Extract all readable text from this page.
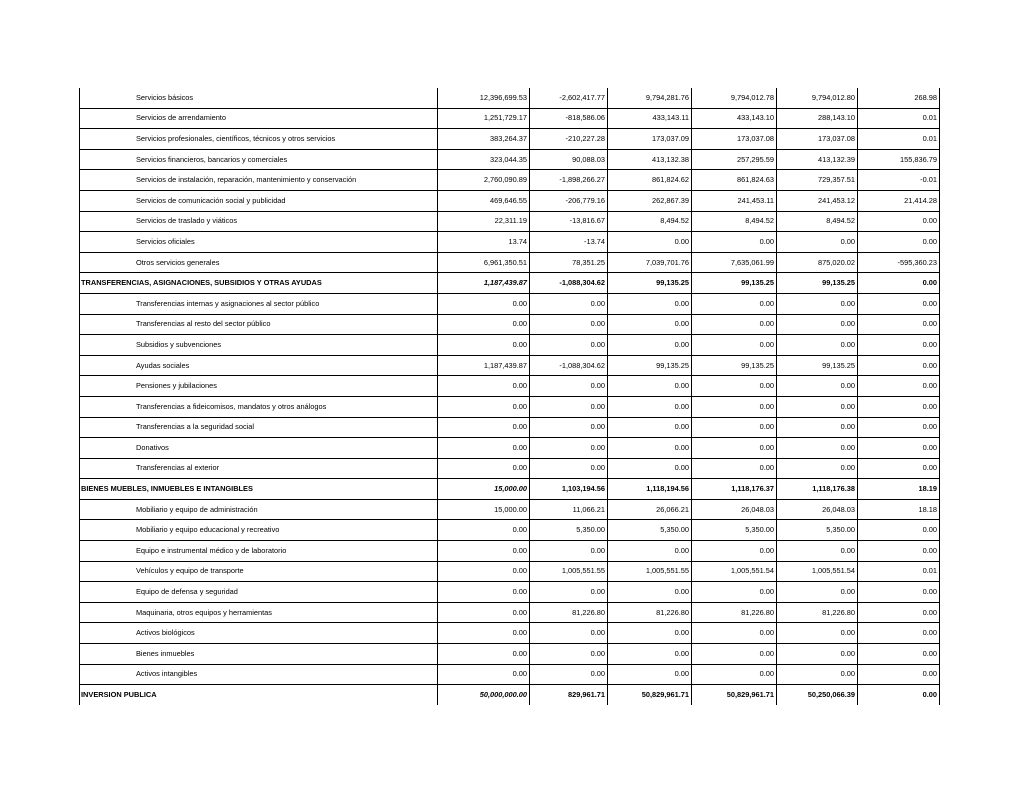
Servicios básicos	12,396,699.53	-2,602,417.77	9,794,281.76	9,794,012.78	9,794,012.80	268.98
Servicios de arrendamiento	1,251,729.17	-818,586.06	433,143.11	433,143.10	288,143.10	0.01
Servicios profesionales, científicos, técnicos y otros servicios	383,264.37	-210,227.28	173,037.09	173,037.08	173,037.08	0.01
Servicios financieros, bancarios y comerciales	323,044.35	90,088.03	413,132.38	257,295.59	413,132.39	155,836.79
Servicios de instalación, reparación, mantenimiento y conservación	2,760,090.89	-1,898,266.27	861,824.62	861,824.63	729,357.51	-0.01
Servicios de comunicación social y publicidad	469,646.55	-206,779.16	262,867.39	241,453.11	241,453.12	21,414.28
Servicios de traslado y viáticos	22,311.19	-13,816.67	8,494.52	8,494.52	8,494.52	0.00
Servicios oficiales	13.74	-13.74	0.00	0.00	0.00	0.00
Otros servicios generales	6,961,350.51	78,351.25	7,039,701.76	7,635,061.99	875,020.02	-595,360.23
TRANSFERENCIAS, ASIGNACIONES, SUBSIDIOS Y OTRAS AYUDAS	1,187,439.87	-1,088,304.62	99,135.25	99,135.25	99,135.25	0.00
Transferencias internas y asignaciones al sector público	0.00	0.00	0.00	0.00	0.00	0.00
Transferencias al resto del sector público	0.00	0.00	0.00	0.00	0.00	0.00
Subsidios y subvenciones	0.00	0.00	0.00	0.00	0.00	0.00
Ayudas sociales	1,187,439.87	-1,088,304.62	99,135.25	99,135.25	99,135.25	0.00
Pensiones y jubilaciones	0.00	0.00	0.00	0.00	0.00	0.00
Transferencias a fideicomisos, mandatos y otros análogos	0.00	0.00	0.00	0.00	0.00	0.00
Transferencias a la seguridad social	0.00	0.00	0.00	0.00	0.00	0.00
Donativos	0.00	0.00	0.00	0.00	0.00	0.00
Transferencias al exterior	0.00	0.00	0.00	0.00	0.00	0.00
BIENES MUEBLES, INMUEBLES E INTANGIBLES	15,000.00	1,103,194.56	1,118,194.56	1,118,176.37	1,118,176.38	18.19
Mobiliario y equipo de administración	15,000.00	11,066.21	26,066.21	26,048.03	26,048.03	18.18
Mobiliario y equipo educacional y recreativo	0.00	5,350.00	5,350.00	5,350.00	5,350.00	0.00
Equipo e instrumental médico y de laboratorio	0.00	0.00	0.00	0.00	0.00	0.00
Vehículos y equipo de transporte	0.00	1,005,551.55	1,005,551.55	1,005,551.54	1,005,551.54	0.01
Equipo de defensa y seguridad	0.00	0.00	0.00	0.00	0.00	0.00
Maquinaria, otros equipos y herramientas	0.00	81,226.80	81,226.80	81,226.80	81,226.80	0.00
Activos biológicos	0.00	0.00	0.00	0.00	0.00	0.00
Bienes inmuebles	0.00	0.00	0.00	0.00	0.00	0.00
Activos intangibles	0.00	0.00	0.00	0.00	0.00	0.00
INVERSION PUBLICA	50,000,000.00	829,961.71	50,829,961.71	50,829,961.71	50,250,066.39	0.00
